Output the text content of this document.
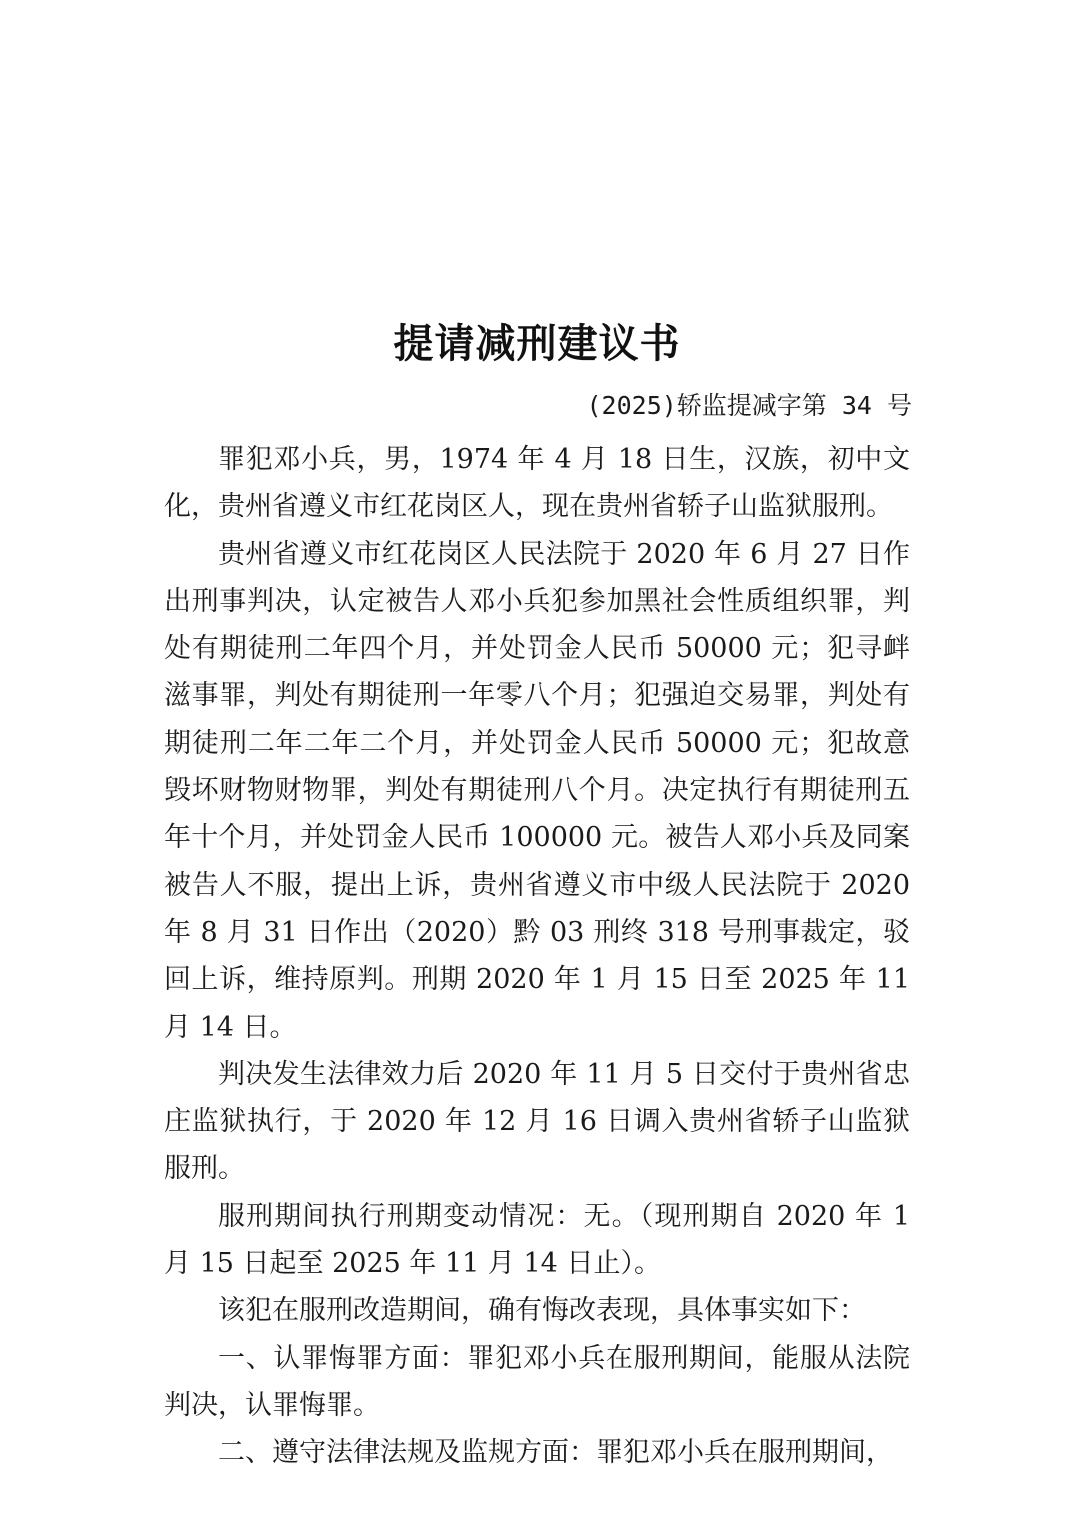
提请减刑建议书
(2025)轿监提减字第 34 号

罪犯邓小兵，男，1974 年 4 月 18 日生，汉族，初中文化，贵州省遵义市红花岗区人，现在贵州省轿子山监狱服刑。

贵州省遵义市红花岗区人民法院于 2020 年 6 月 27 日作出刑事判决，认定被告人邓小兵犯参加黑社会性质组织罪，判处有期徒刑二年四个月，并处罚金人民币 50000 元；犯寻衅滋事罪，判处有期徒刑一年零八个月；犯强迫交易罪，判处有期徒刑二年二年二个月，并处罚金人民币 50000 元；犯故意毁坏财物财物罪，判处有期徒刑八个月。决定执行有期徒刑五年十个月，并处罚金人民币 100000 元。被告人邓小兵及同案被告人不服，提出上诉，贵州省遵义市中级人民法院于 2020 年 8 月 31 日作出（2020）黔 03 刑终 318 号刑事裁定，驳回上诉，维持原判。刑期 2020 年 1 月 15 日至 2025 年 11 月 14 日。

判决发生法律效力后 2020 年 11 月 5 日交付于贵州省忠庄监狱执行，于 2020 年 12 月 16 日调入贵州省轿子山监狱服刑。

服刑期间执行刑期变动情况：无。（现刑期自 2020 年 1 月 15 日起至 2025 年 11 月 14 日止）。

该犯在服刑改造期间，确有悔改表现，具体事实如下：

一、认罪悔罪方面：罪犯邓小兵在服刑期间，能服从法院判决，认罪悔罪。

二、遵守法律法规及监规方面：罪犯邓小兵在服刑期间，
